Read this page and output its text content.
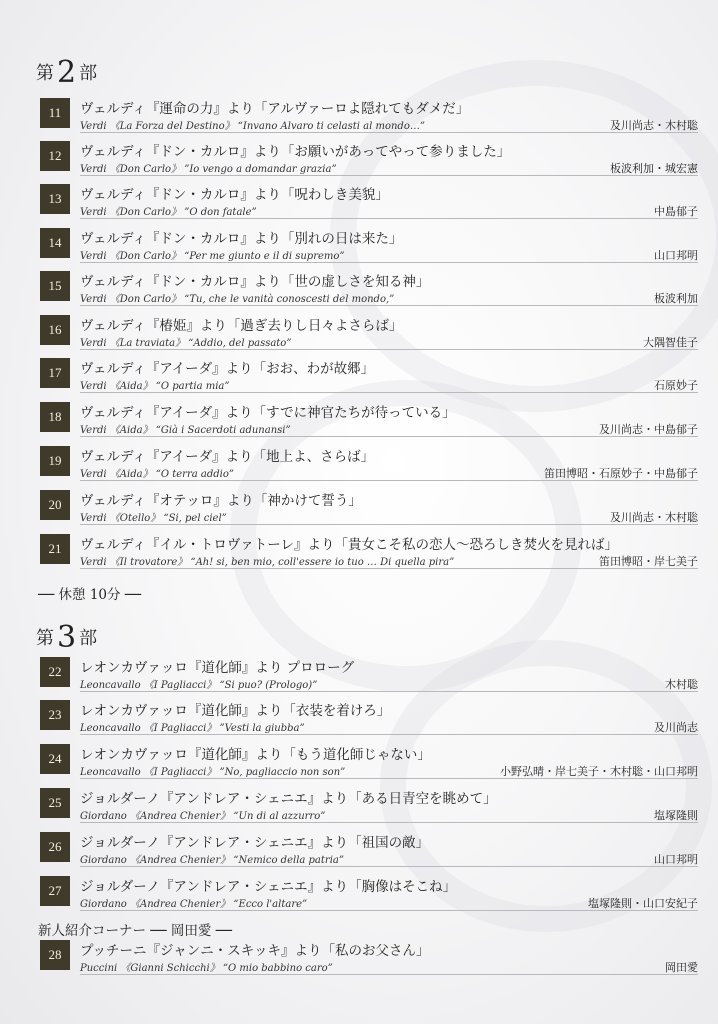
第 2 部
11	ヴェルディ『運命の力』より「アルヴァーロよ隠れてもダメだ」
Verdi 《La Forza del Destino》 “Invano Alvaro ti celasti al mondo…”	及川尚志・木村聡
12	ヴェルディ『ドン・カルロ』より「お願いがあってやって参りました」
Verdi 《Don Carlo》 ”Io vengo a domandar grazia”	板波利加・城宏憲
13	ヴェルディ『ドン・カルロ』より「呪わしき美貌」
Verdi 《Don Carlo》 ”O don fatale”	中島郁子
14	ヴェルディ『ドン・カルロ』より「別れの日は来た」
Verdi 《Don Carlo》 “Per me giunto e il di supremo”	山口邦明
15	ヴェルディ『ドン・カルロ』より「世の虚しさを知る神」
Verdi 《Don Carlo》 “Tu, che le vanità conoscesti del mondo,”	板波利加
16	ヴェルディ『椿姫』より「過ぎ去りし日々よさらば」
Verdi 《La traviata》 “Addio, del passato”	大隅智佳子
17	ヴェルディ『アイーダ』より「おお、わが故郷」
Verdi 《Aida》 “O partia mia”	石原妙子
18	ヴェルディ『アイーダ』より「すでに神官たちが待っている」
Verdi 《Aida》 “Già i Sacerdoti adunansi”	及川尚志・中島郁子
19	ヴェルディ『アイーダ』より「地上よ、さらば」
Verdi 《Aida》 “O terra addio”	笛田博昭・石原妙子・中島郁子
20	ヴェルディ『オテッロ』より「神かけて誓う」
Verdi 《Otello》 “Si, pel ciel”	及川尚志・木村聡
21	ヴェルディ『イル・トロヴァトーレ』より「貴女こそ私の恋人～恐ろしき焚火を見れば」
Verdi 《Il trovatore》 “Ah! si, ben mio, coll'essere io tuo … Di quella pira”	笛田博昭・岸七美子
── 休憩 10分 ──
第 3 部
22	レオンカヴァッロ『道化師』より プロローグ
Leoncavallo 《I Pagliacci》 “Si puo? (Prologo)”	木村聡
23	レオンカヴァッロ『道化師』より「衣装を着けろ」
Leoncavallo 《I Pagliacci》 ”Vesti la giubba”	及川尚志
24	レオンカヴァッロ『道化師』より「もう道化師じゃない」
Leoncavallo 《I Pagliacci》 ”No, pagliaccio non son”	小野弘晴・岸七美子・木村聡・山口邦明
25	ジョルダーノ『アンドレア・シェニエ』より「ある日青空を眺めて」
Giordano 《Andrea Chenier》 “Un di al azzurro”	塩塚隆則
26	ジョルダーノ『アンドレア・シェニエ』より「祖国の敵」
Giordano 《Andrea Chenier》 “Nemico della patria”	山口邦明
27	ジョルダーノ『アンドレア・シェニエ』より「胸像はそこね」
Giordano 《Andrea Chenier》 “Ecco l'altare”	塩塚隆則・山口安紀子
新人紹介コーナー ── 岡田愛 ──
28	プッチーニ『ジャンニ・スキッキ』より「私のお父さん」
Puccini 《Gianni Schicchi》 “O mio babbino caro”	岡田愛
